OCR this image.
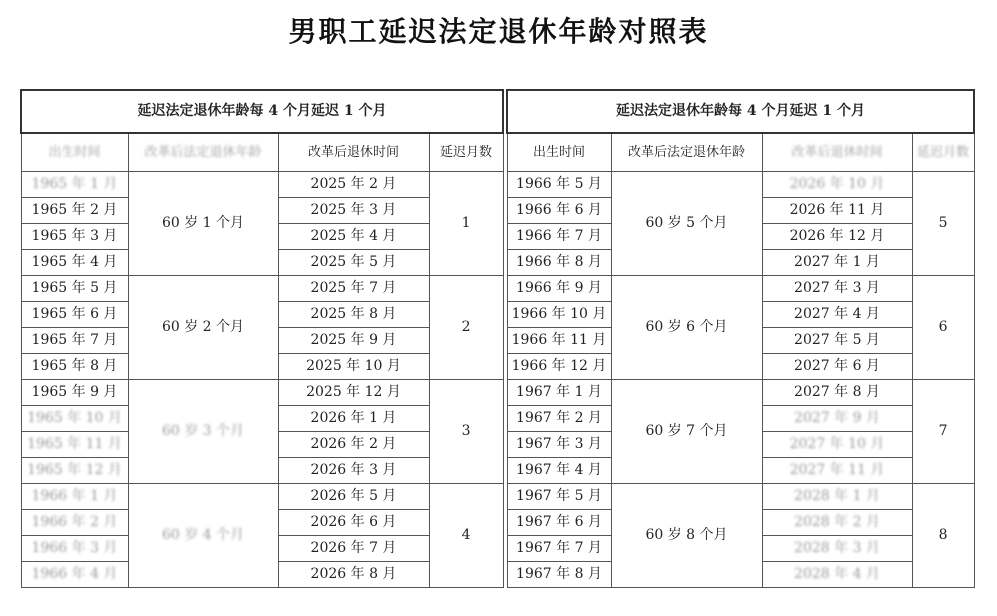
男职工延迟法定退休年龄对照表
延迟法定退休年龄每 4 个月延迟 1 个月			
出生时间	改革后法定退休年龄	改革后退休时间	延迟月数
1965 年 1 月	60 岁 1 个月	2025 年 2 月	1
1965 年 2 月		2025 年 3 月	
1965 年 3 月		2025 年 4 月	
1965 年 4 月		2025 年 5 月	
1965 年 5 月	60 岁 2 个月	2025 年 7 月	2
1965 年 6 月		2025 年 8 月	
1965 年 7 月		2025 年 9 月	
1965 年 8 月		2025 年 10 月	
1965 年 9 月	60 岁 3 个月	2025 年 12 月	3
1965 年 10 月		2026 年 1 月	
1965 年 11 月		2026 年 2 月	
1965 年 12 月		2026 年 3 月	
1966 年 1 月	60 岁 4 个月	2026 年 5 月	4
1966 年 2 月		2026 年 6 月	
1966 年 3 月		2026 年 7 月	
1966 年 4 月		2026 年 8 月	
延迟法定退休年龄每 4 个月延迟 1 个月			
出生时间	改革后法定退休年龄	改革后退休时间	延迟月数
1966 年 5 月	60 岁 5 个月	2026 年 10 月	5
1966 年 6 月		2026 年 11 月	
1966 年 7 月		2026 年 12 月	
1966 年 8 月		2027 年 1 月	
1966 年 9 月	60 岁 6 个月	2027 年 3 月	6
1966 年 10 月		2027 年 4 月	
1966 年 11 月		2027 年 5 月	
1966 年 12 月		2027 年 6 月	
1967 年 1 月	60 岁 7 个月	2027 年 8 月	7
1967 年 2 月		2027 年 9 月	
1967 年 3 月		2027 年 10 月	
1967 年 4 月		2027 年 11 月	
1967 年 5 月	60 岁 8 个月	2028 年 1 月	8
1967 年 6 月		2028 年 2 月	
1967 年 7 月		2028 年 3 月	
1967 年 8 月		2028 年 4 月	
